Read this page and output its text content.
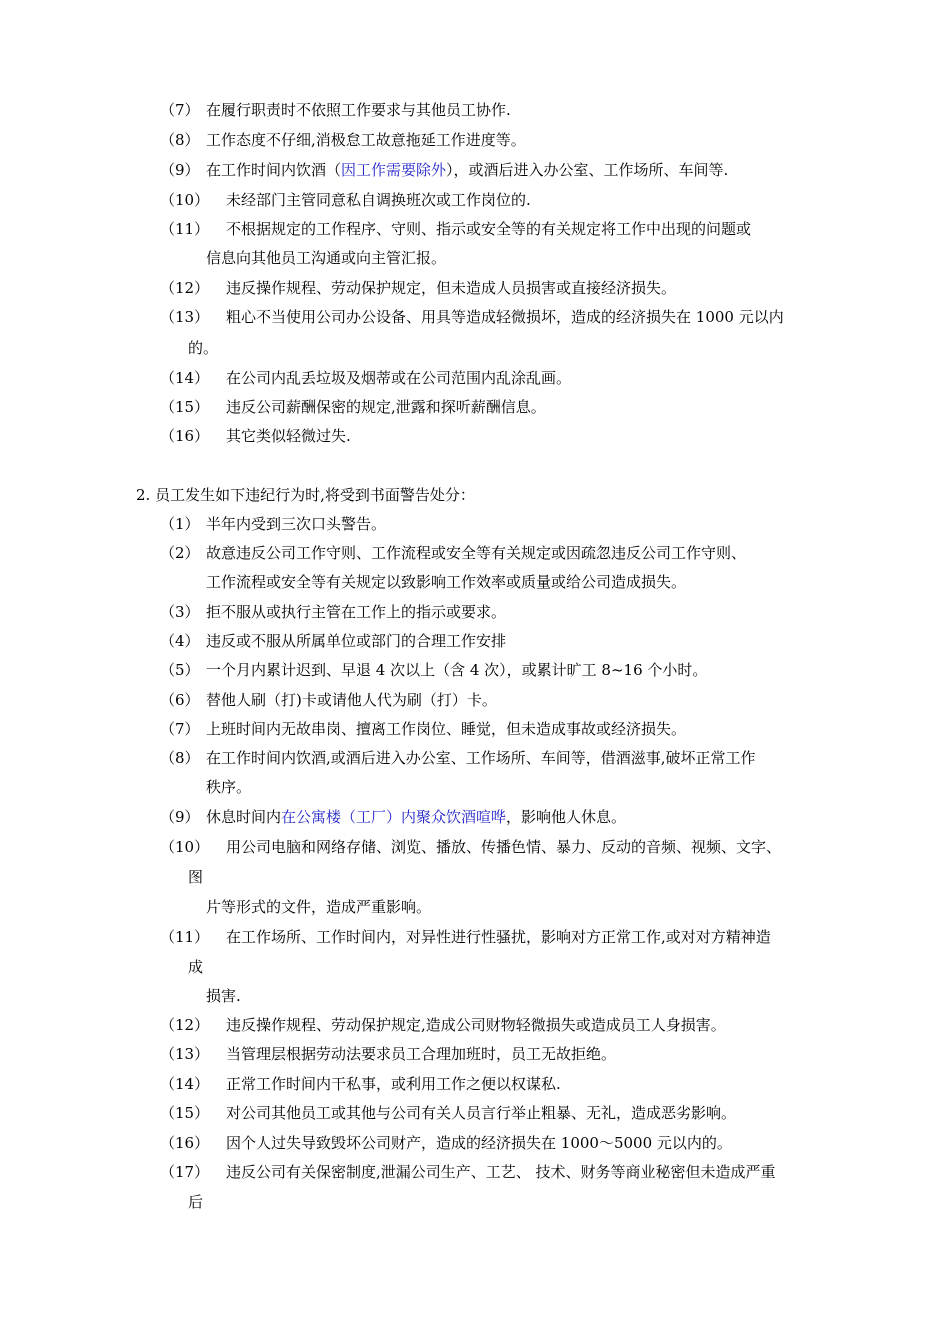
（7） 在履行职责时不依照工作要求与其他员工协作.
（8） 工作态度不仔细,消极怠工故意拖延工作进度等。
（9） 在工作时间内饮酒（因工作需要除外），或酒后进入办公室、工作场所、车间等.
（10） 未经部门主管同意私自调换班次或工作岗位的.
（11） 不根据规定的工作程序、守则、指示或安全等的有关规定将工作中出现的问题或
信息向其他员工沟通或向主管汇报。
（12） 违反操作规程、劳动保护规定，但未造成人员损害或直接经济损失。
（13） 粗心不当使用公司办公设备、用具等造成轻微损坏，造成的经济损失在 1000 元以内
的。
（14） 在公司内乱丢垃圾及烟蒂或在公司范围内乱涂乱画。
（15） 违反公司薪酬保密的规定,泄露和探听薪酬信息。
（16） 其它类似轻微过失.
2. 员工发生如下违纪行为时,将受到书面警告处分：
（1） 半年内受到三次口头警告。
（2） 故意违反公司工作守则、工作流程或安全等有关规定或因疏忽违反公司工作守则、
工作流程或安全等有关规定以致影响工作效率或质量或给公司造成损失。
（3） 拒不服从或执行主管在工作上的指示或要求。
（4） 违反或不服从所属单位或部门的合理工作安排
（5） 一个月内累计迟到、早退 4 次以上（含 4 次），或累计旷工 8~16 个小时。
（6） 替他人刷（打)卡或请他人代为刷（打）卡。
（7） 上班时间内无故串岗、擅离工作岗位、睡觉，但未造成事故或经济损失。
（8） 在工作时间内饮酒,或酒后进入办公室、工作场所、车间等，借酒滋事,破坏正常工作
秩序。
（9） 休息时间内在公寓楼（工厂）内聚众饮酒喧哗，影响他人休息。
（10） 用公司电脑和网络存储、浏览、播放、传播色情、暴力、反动的音频、视频、文字、
图
片等形式的文件，造成严重影响。
（11） 在工作场所、工作时间内，对异性进行性骚扰，影响对方正常工作,或对对方精神造
成
损害.
（12） 违反操作规程、劳动保护规定,造成公司财物轻微损失或造成员工人身损害。
（13） 当管理层根据劳动法要求员工合理加班时，员工无故拒绝。
（14） 正常工作时间内干私事，或利用工作之便以权谋私.
（15） 对公司其他员工或其他与公司有关人员言行举止粗暴、无礼，造成恶劣影响。
（16） 因个人过失导致毁坏公司财产，造成的经济损失在 1000～5000 元以内的。
（17） 违反公司有关保密制度,泄漏公司生产、工艺、 技术、财务等商业秘密但未造成严重
后
